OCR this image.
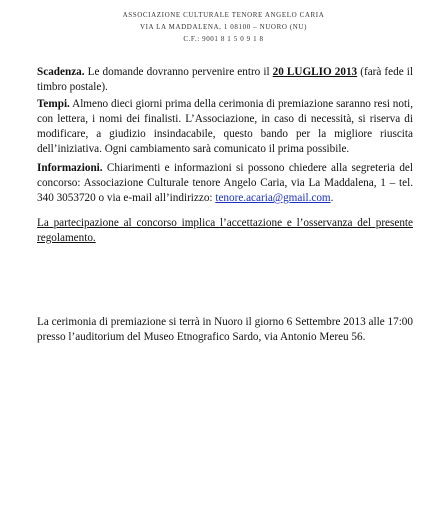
ASSOCIAZIONE CULTURALE TENORE ANGELO CARIA
VIA LA MADDALENA, 1 08100 – NUORO (NU)
C.F.: 9001 8 1 5 0 9 1 8
Scadenza. Le domande dovranno pervenire entro il 20 LUGLIO 2013 (farà fede il timbro postale).
Tempi. Almeno dieci giorni prima della cerimonia di premiazione saranno resi noti, con lettera, i nomi dei finalisti. L’Associazione, in caso di necessità, si riserva di modificare, a giudizio insindacabile, questo bando per la migliore riuscita dell’iniziativa. Ogni cambiamento sarà comunicato il prima possibile.
Informazioni. Chiarimenti e informazioni si possono chiedere alla segreteria del concorso: Associazione Culturale tenore Angelo Caria, via La Maddalena, 1 – tel. 340 3053720 o via e-mail all’indirizzo: tenore.acaria@gmail.com.
La partecipazione al concorso implica l’accettazione e l’osservanza del presente regolamento.
La cerimonia di premiazione si terrà in Nuoro il giorno 6 Settembre 2013 alle 17:00 presso l’auditorium del Museo Etnografico Sardo, via Antonio Mereu 56.
